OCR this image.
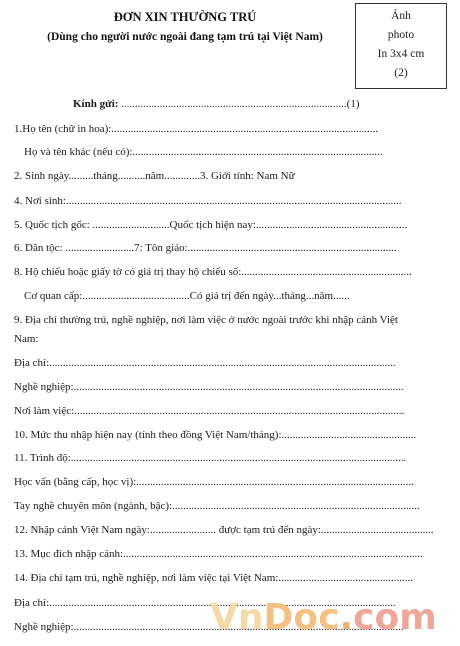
ĐƠN XIN THƯỜNG TRÚ
(Dùng cho người nước ngoài đang tạm trú tại Việt Nam)
Ảnh
photo
In 3x4 cm
(2)
Kính gửi: ..................................................................................(1)
1.Họ tên (chữ in hoa):.................................................................................................
Họ và tên khác (nếu có):...........................................................................................
2. Sinh ngày.........tháng..........năm.............3. Giới tính: Nam Nữ
4. Nơi sinh:..........................................................................................................................
5. Quốc tịch gốc: ............................Quốc tịch hiện nay:.......................................................
6. Dân tộc: .........................7: Tôn giáo:............................................................................
8. Hộ chiếu hoặc giấy tờ có giá trị thay hộ chiếu số:..............................................................
Cơ quan cấp:.......................................Có giá trị đến ngày...tháng...năm......
9. Địa chỉ thường trú, nghề nghiệp, nơi làm việc ở nước ngoài trước khi nhập cảnh Việt
Nam:
Địa chỉ:..............................................................................................................................
Nghề nghiệp:........................................................................................................................
Nơi làm việc:........................................................................................................................
10. Mức thu nhập hiện nay (tính theo đồng Việt Nam/tháng):.................................................
11. Trình độ:..........................................................................................................................
Học vấn (bằng cấp, học vị):.....................................................................................................
Tay nghề chuyên môn (ngành, bậc):..........................................................................................
12. Nhập cảnh Việt Nam ngày:........................ được tạm trú đến ngày:.........................................
13. Mục đích nhập cảnh:.............................................................................................................
14. Địa chỉ tạm trú, nghề nghiệp, nơi làm việc tại Việt Nam:.................................................
Địa chỉ:..............................................................................................................................
Nghề nghiệp:........................................................................................................................
VnDoc.com
